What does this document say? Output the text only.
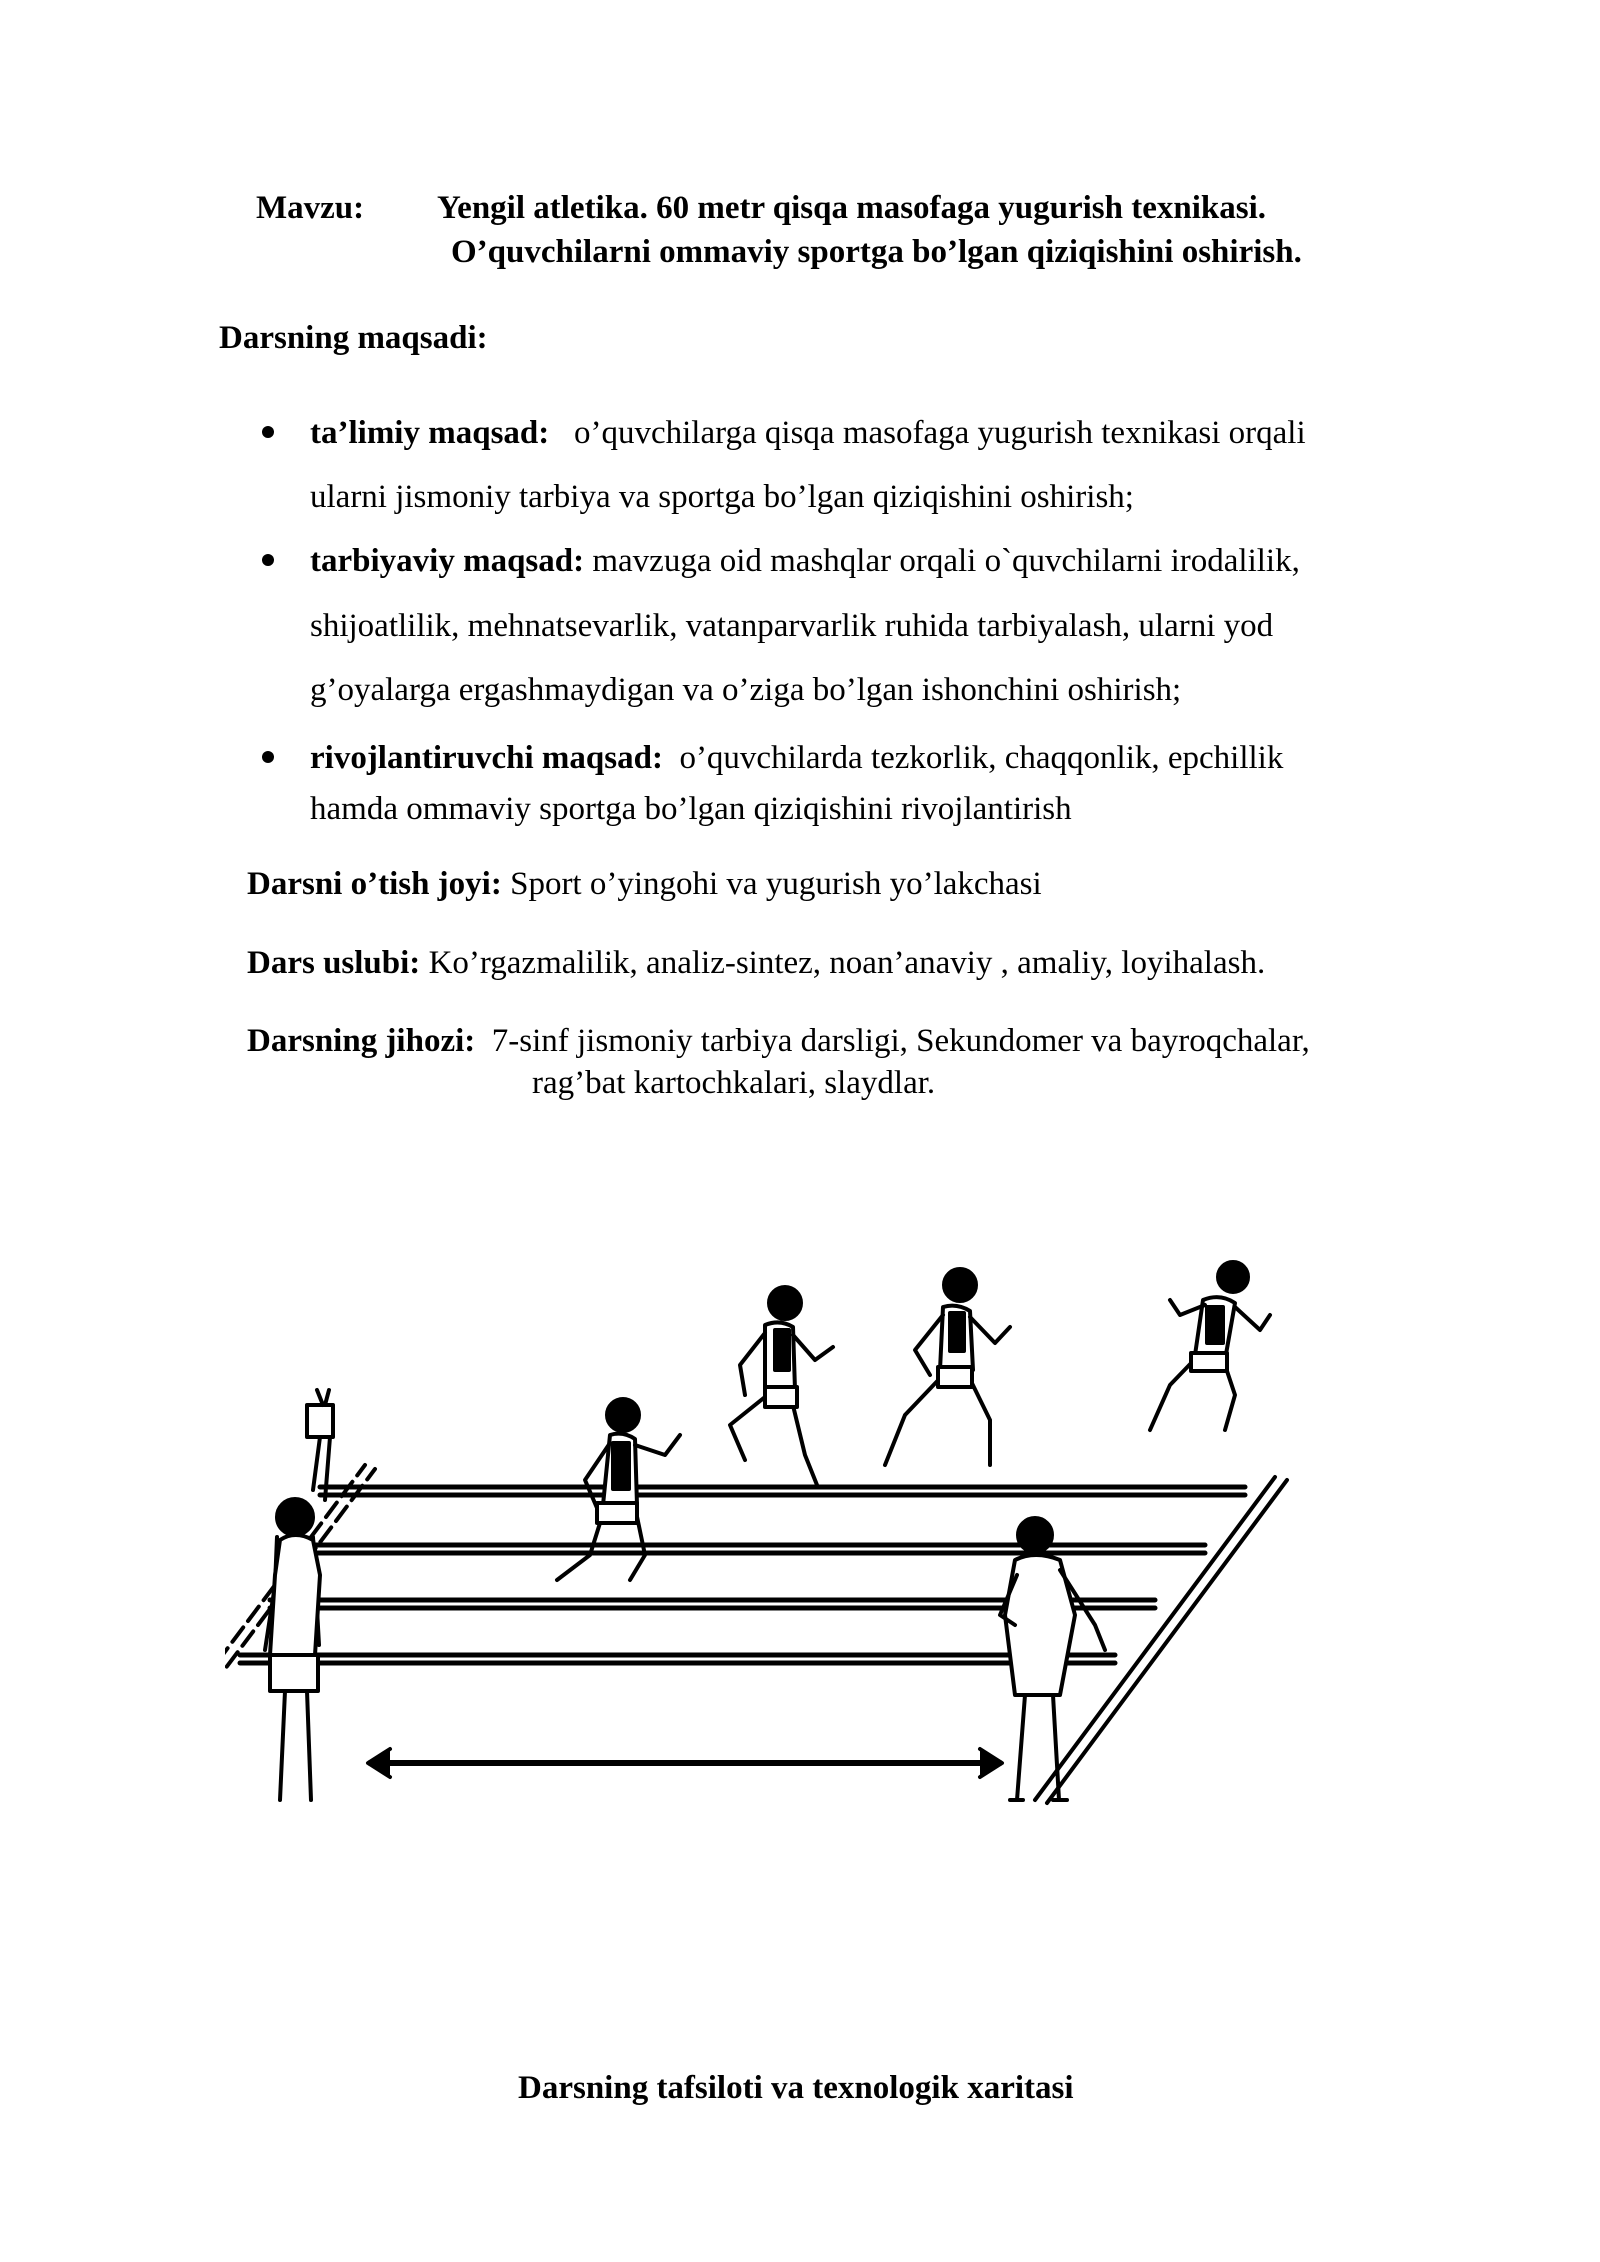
Mavzu: Yengil atletika. 60 metr qisqa masofaga yugurish texnikasi.
O’quvchilarni ommaviy sportga bo’lgan qiziqishini oshirish.
Darsning maqsadi:
ta’limiy maqsad: o’quvchilarga qisqa masofaga yugurish texnikasi orqali
ularni jismoniy tarbiya va sportga bo’lgan qiziqishini oshirish;
tarbiyaviy maqsad: mavzuga oid mashqlar orqali o`quvchilarni irodalilik,
shijoatlilik, mehnatsevarlik, vatanparvarlik ruhida tarbiyalash, ularni yod
g’oyalarga ergashmaydigan va o’ziga bo’lgan ishonchini oshirish;
rivojlantiruvchi maqsad: o’quvchilarda tezkorlik, chaqqonlik, epchillik
hamda ommaviy sportga bo’lgan qiziqishini rivojlantirish
Darsni o’tish joyi: Sport o’yingohi va yugurish yo’lakchasi
Dars uslubi: Ko’rgazmalilik, analiz-sintez, noan’anaviy , amaliy, loyihalash.
Darsning jihozi: 7-sinf jismoniy tarbiya darsligi, Sekundomer va bayroqchalar,
rag’bat kartochkalari, slaydlar.
Darsning tafsiloti va texnologik xaritasi
